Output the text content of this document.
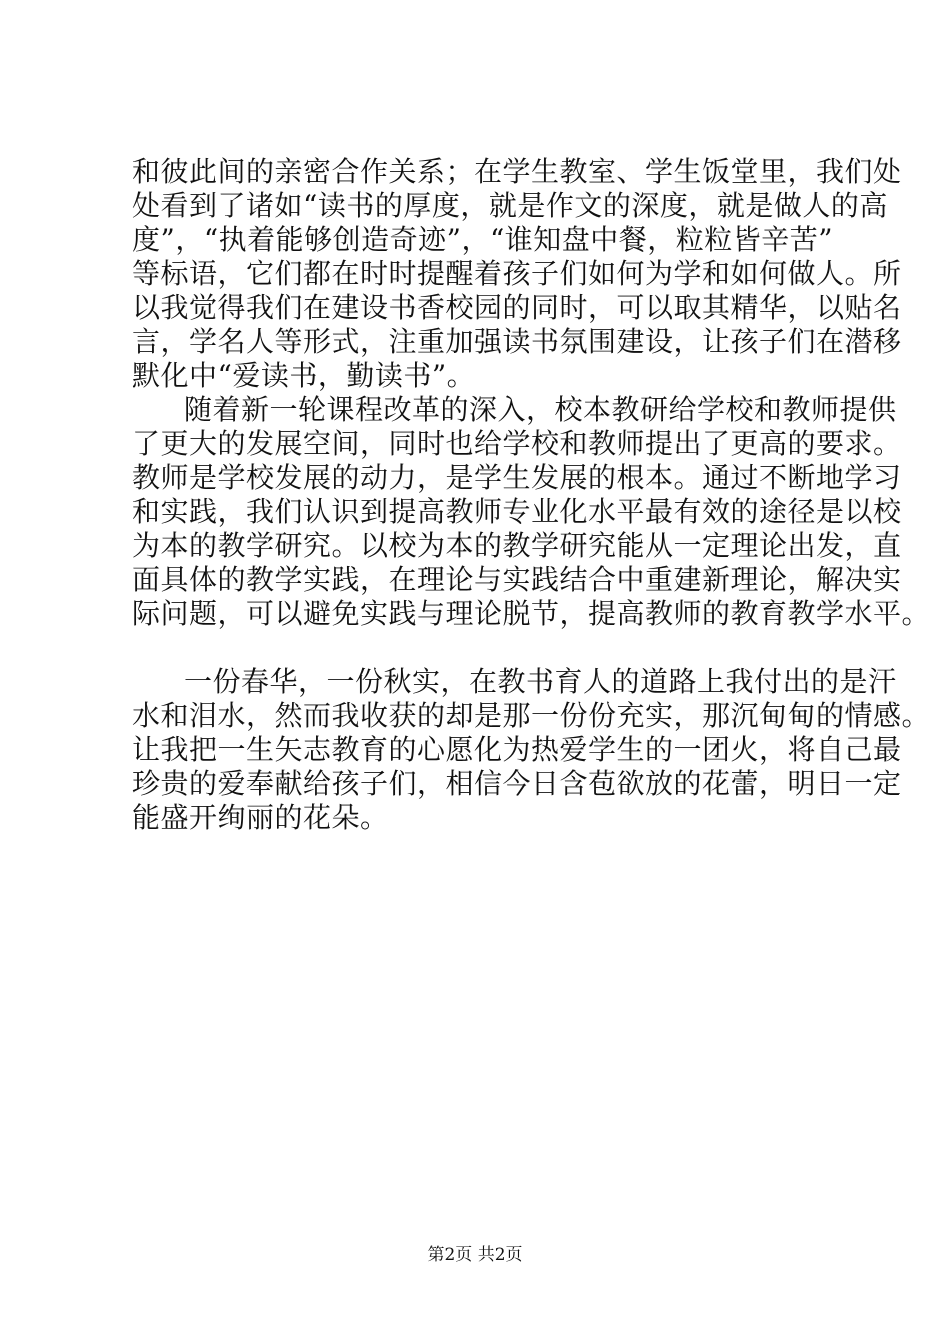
和彼此间的亲密合作关系；在学生教室、学生饭堂里，我们处
处看到了诸如“读书的厚度，就是作文的深度，就是做人的高
度”，“执着能够创造奇迹”，“谁知盘中餐，粒粒皆辛苦”
等标语，它们都在时时提醒着孩子们如何为学和如何做人。所
以我觉得我们在建设书香校园的同时，可以取其精华，以贴名
言，学名人等形式，注重加强读书氛围建设，让孩子们在潜移
默化中“爱读书，勤读书”。
随着新一轮课程改革的深入，校本教研给学校和教师提供
了更大的发展空间，同时也给学校和教师提出了更高的要求。
教师是学校发展的动力，是学生发展的根本。通过不断地学习
和实践，我们认识到提高教师专业化水平最有效的途径是以校
为本的教学研究。以校为本的教学研究能从一定理论出发，直
面具体的教学实践，在理论与实践结合中重建新理论，解决实
际问题，可以避免实践与理论脱节，提高教师的教育教学水平。
一份春华，一份秋实，在教书育人的道路上我付出的是汗
水和泪水，然而我收获的却是那一份份充实，那沉甸甸的情感。
让我把一生矢志教育的心愿化为热爱学生的一团火，将自己最
珍贵的爱奉献给孩子们，相信今日含苞欲放的花蕾，明日一定
能盛开绚丽的花朵。
第2页 共2页
